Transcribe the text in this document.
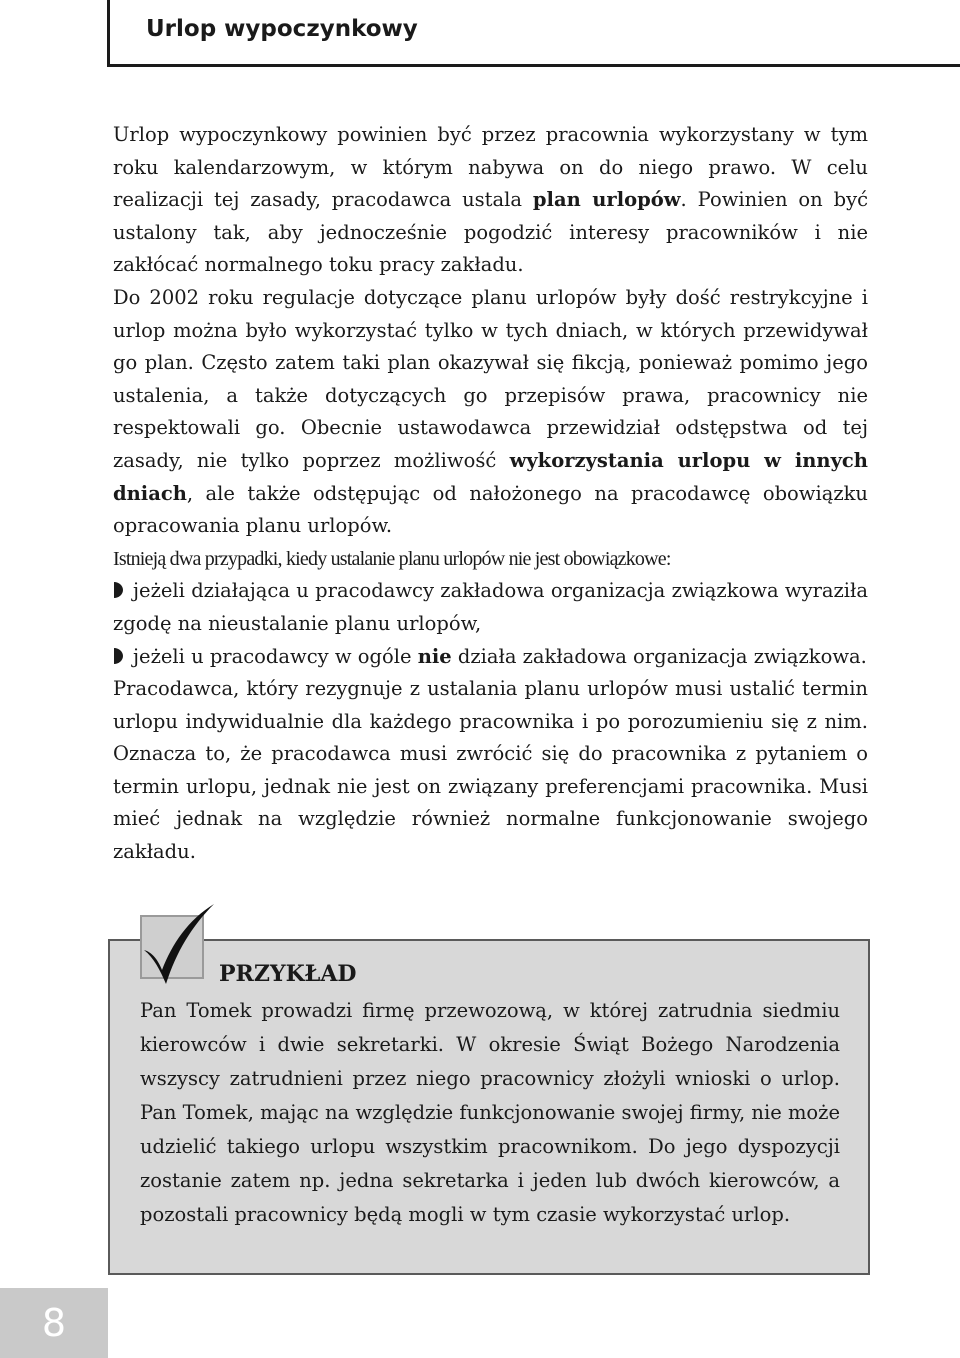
Urlop wypoczynkowy

Urlop wypoczynkowy powinien być przez pracownia wykorzystany w tym roku kalendarzowym, w którym nabywa on do niego prawo. W celu realizacji tej zasady, pracodawca ustala plan urlopów. Powinien on być ustalony tak, aby jednocześnie pogodzić interesy pracowników i nie zakłócać normalnego toku pracy zakładu.

Do 2002 roku regulacje dotyczące planu urlopów były dość restrykcyjne i urlop można było wykorzystać tylko w tych dniach, w których przewidywał go plan. Często zatem taki plan okazywał się fikcją, ponieważ pomimo jego ustalenia, a także dotyczących go przepisów prawa, pracownicy nie respektowali go. Obecnie ustawodawca przewidział odstępstwa od tej zasady, nie tylko poprzez możliwość wykorzystania urlopu w innych dniach, ale także odstępując od nałożonego na pracodawcę obowiązku opracowania planu urlopów.

Istnieją dwa przypadki, kiedy ustalanie planu urlopów nie jest obowiązkowe:

jeżeli działająca u pracodawcy zakładowa organizacja związkowa wyraziła zgodę na nieustalanie planu urlopów,

jeżeli u pracodawcy w ogóle nie działa zakładowa organizacja związkowa.

Pracodawca, który rezygnuje z ustalania planu urlopów musi ustalić termin urlopu indywidualnie dla każdego pracownika i po porozumieniu się z nim. Oznacza to, że pracodawca musi zwrócić się do pracownika z pytaniem o termin urlopu, jednak nie jest on związany preferencjami pracownika. Musi mieć jednak na względzie również normalne funkcjonowanie swojego zakładu.

PRZYKŁAD
Pan Tomek prowadzi firmę przewozową, w której zatrudnia siedmiu kierowców i dwie sekretarki. W okresie Świąt Bożego Narodzenia wszyscy zatrudnieni przez niego pracownicy złożyli wnioski o urlop. Pan Tomek, mając na względzie funkcjonowanie swojej firmy, nie może udzielić takiego urlopu wszystkim pracownikom. Do jego dyspozycji zostanie zatem np. jedna sekretarka i jeden lub dwóch kierowców, a pozostali pracownicy będą mogli w tym czasie wykorzystać urlop.
8
